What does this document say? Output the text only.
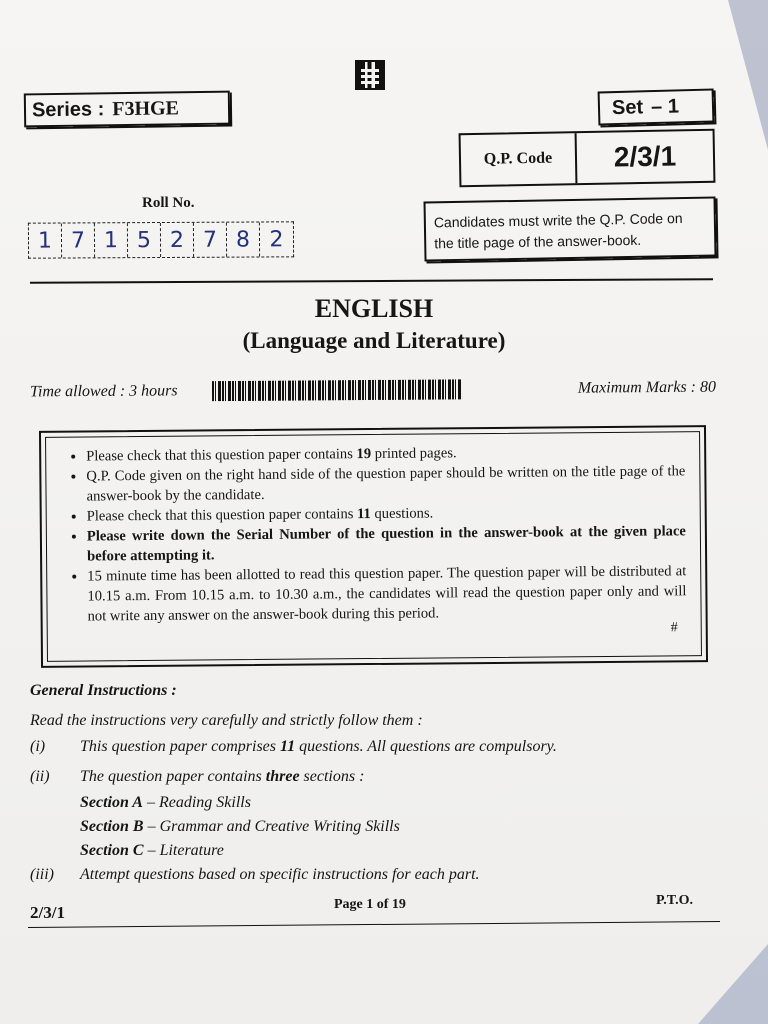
Series : F3HGE	Set – 1
Q.P. Code	2/3/1
Candidates must write the Q.P. Code on the title page of the answer-book.
Roll No.
1 7 1 5 2 7 8 2
ENGLISH
(Language and Literature)
Time allowed : 3 hours	Maximum Marks : 80
• Please check that this question paper contains 19 printed pages.
• Q.P. Code given on the right hand side of the question paper should be written on the title page of the answer-book by the candidate.
• Please check that this question paper contains 11 questions.
• Please write down the Serial Number of the question in the answer-book at the given place before attempting it.
• 15 minute time has been allotted to read this question paper. The question paper will be distributed at 10.15 a.m. From 10.15 a.m. to 10.30 a.m., the candidates will read the question paper only and will not write any answer on the answer-book during this period.
#
General Instructions :
Read the instructions very carefully and strictly follow them :
(i) This question paper comprises 11 questions. All questions are compulsory.
(ii) The question paper contains three sections :
Section A – Reading Skills
Section B – Grammar and Creative Writing Skills
Section C – Literature
(iii) Attempt questions based on specific instructions for each part.
2/3/1	Page 1 of 19	P.T.O.
